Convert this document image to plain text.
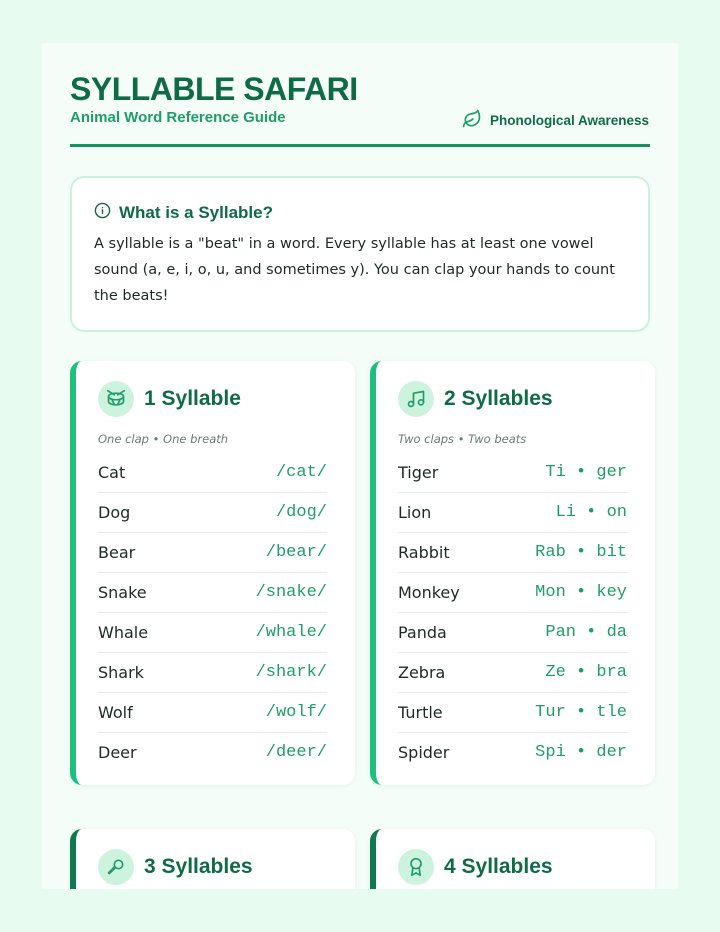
SYLLABLE SAFARI
Animal Word Reference Guide	Phonological Awareness
What is a Syllable?
A syllable is a "beat" in a word. Every syllable has at least one vowel sound (a, e, i, o, u, and sometimes y). You can clap your hands to count the beats!
1 Syllable
One clap • One breath
Cat	/cat/
Dog	/dog/
Bear	/bear/
Snake	/snake/
Whale	/whale/
Shark	/shark/
Wolf	/wolf/
Deer	/deer/
2 Syllables
Two claps • Two beats
Tiger	Ti • ger
Lion	Li • on
Rabbit	Rab • bit
Monkey	Mon • key
Panda	Pan • da
Zebra	Ze • bra
Turtle	Tur • tle
Spider	Spi • der
3 Syllables	4 Syllables
